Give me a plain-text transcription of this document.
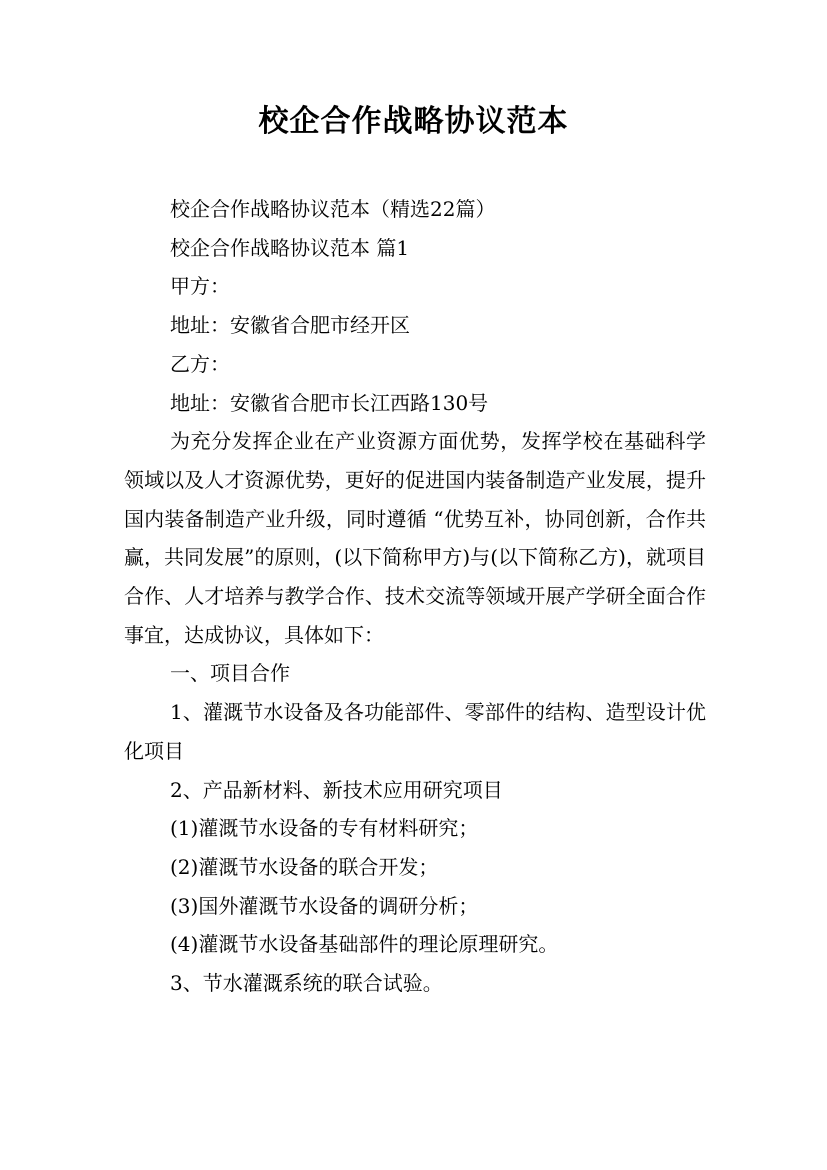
校企合作战略协议范本

校企合作战略协议范本（精选22篇）

校企合作战略协议范本 篇1

甲方：

地址：安徽省合肥市经开区

乙方：

地址：安徽省合肥市长江西路130号

为充分发挥企业在产业资源方面优势，发挥学校在基础科学领域以及人才资源优势，更好的促进国内装备制造产业发展，提升国内装备制造产业升级，同时遵循 “优势互补，协同创新，合作共赢，共同发展”的原则，(以下简称甲方)与(以下简称乙方)，就项目合作、人才培养与教学合作、技术交流等领域开展产学研全面合作事宜，达成协议，具体如下：

一、项目合作

1、灌溉节水设备及各功能部件、零部件的结构、造型设计优化项目

2、产品新材料、新技术应用研究项目

(1)灌溉节水设备的专有材料研究；

(2)灌溉节水设备的联合开发；

(3)国外灌溉节水设备的调研分析；

(4)灌溉节水设备基础部件的理论原理研究。

3、节水灌溉系统的联合试验。
